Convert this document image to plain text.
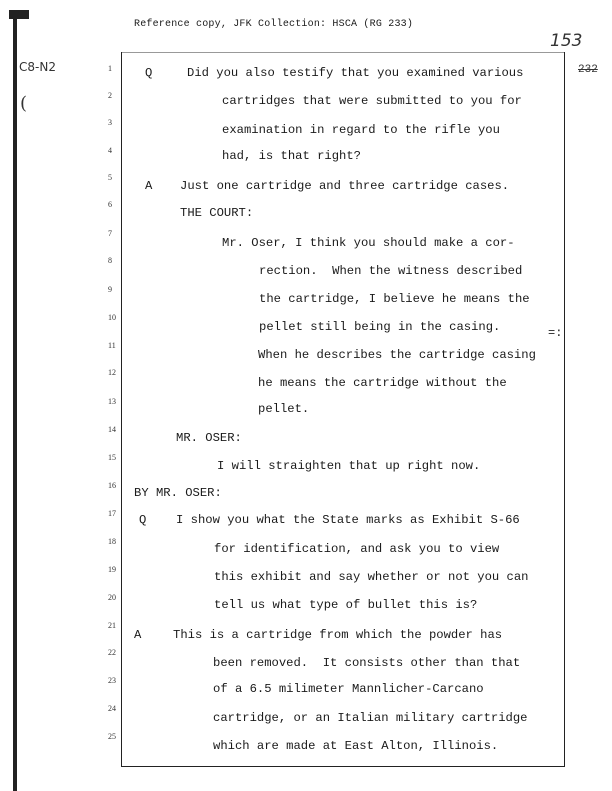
Reference copy, JFK Collection: HSCA (RG 233)
153
232
C8-N2
(
1
2
3
4
5
6
7
8
9
10
11
12
13
14
15
16
17
18
19
20
21
22
23
24
25
Q	Did you also testify that you examined various
cartridges that were submitted to you for
examination in regard to the rifle you
had, is that right?
A Just one cartridge and three cartridge cases.
THE COURT:
Mr. Oser, I think you should make a cor-
rection.  When the witness described
the cartridge, I believe he means the
pellet still being in the casing.
When he describes the cartridge casing
he means the cartridge without the
pellet.
MR. OSER:
I will straighten that up right now.
BY MR. OSER:
Q I show you what the State marks as Exhibit S-66
for identification, and ask you to view
this exhibit and say whether or not you can
tell us what type of bullet this is?
A	This is a cartridge from which the powder has
been removed.  It consists other than that
of a 6.5 milimeter Mannlicher-Carcano
cartridge, or an Italian military cartridge
which are made at East Alton, Illinois.
=:
